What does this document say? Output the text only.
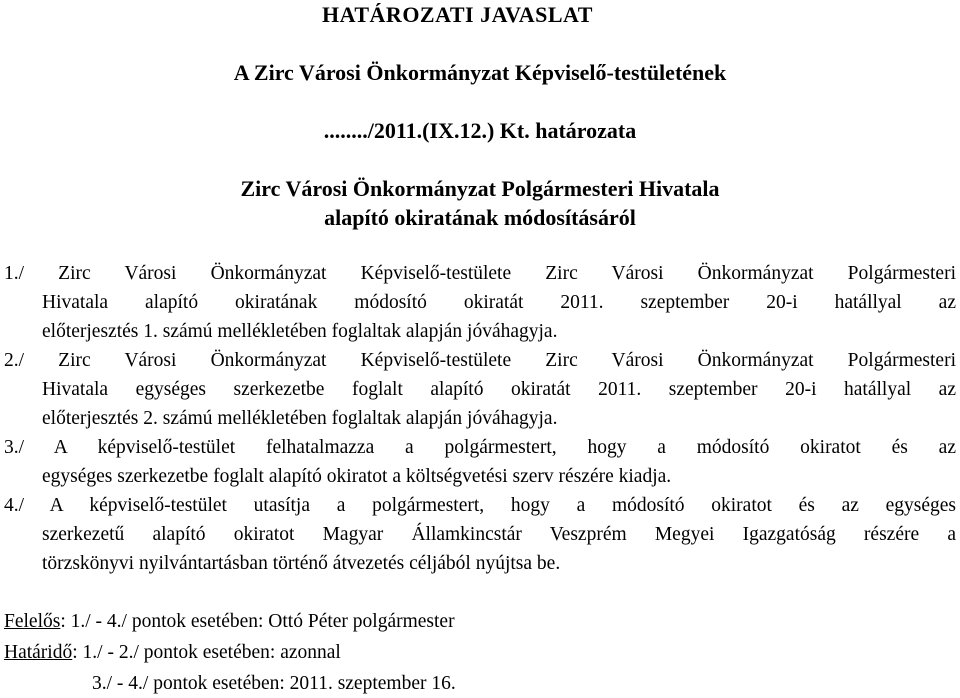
HATÁROZATI JAVASLAT
A Zirc Városi Önkormányzat Képviselő-testületének
......../2011.(IX.12.) Kt. határozata
Zirc Városi Önkormányzat Polgármesteri Hivatala
alapító okiratának módosításáról
1./ Zirc Városi Önkormányzat Képviselő-testülete Zirc Városi Önkormányzat Polgármesteri
Hivatala alapító okiratának módosító okiratát 2011. szeptember 20-i hatállyal az
előterjesztés 1. számú mellékletében foglaltak alapján jóváhagyja.
2./ Zirc Városi Önkormányzat Képviselő-testülete Zirc Városi Önkormányzat Polgármesteri
Hivatala egységes szerkezetbe foglalt alapító okiratát 2011. szeptember 20-i hatállyal az
előterjesztés 2. számú mellékletében foglaltak alapján jóváhagyja.
3./ A képviselő-testület felhatalmazza a polgármestert, hogy a módosító okiratot és az
egységes szerkezetbe foglalt alapító okiratot a költségvetési szerv részére kiadja.
4./ A képviselő-testület utasítja a polgármestert, hogy a módosító okiratot és az egységes
szerkezetű alapító okiratot Magyar Államkincstár Veszprém Megyei Igazgatóság részére a
törzskönyvi nyilvántartásban történő átvezetés céljából nyújtsa be.
Felelős: 1./ - 4./ pontok esetében: Ottó Péter polgármester
Határidő: 1./ - 2./ pontok esetében: azonnal
3./ - 4./ pontok esetében: 2011. szeptember 16.
